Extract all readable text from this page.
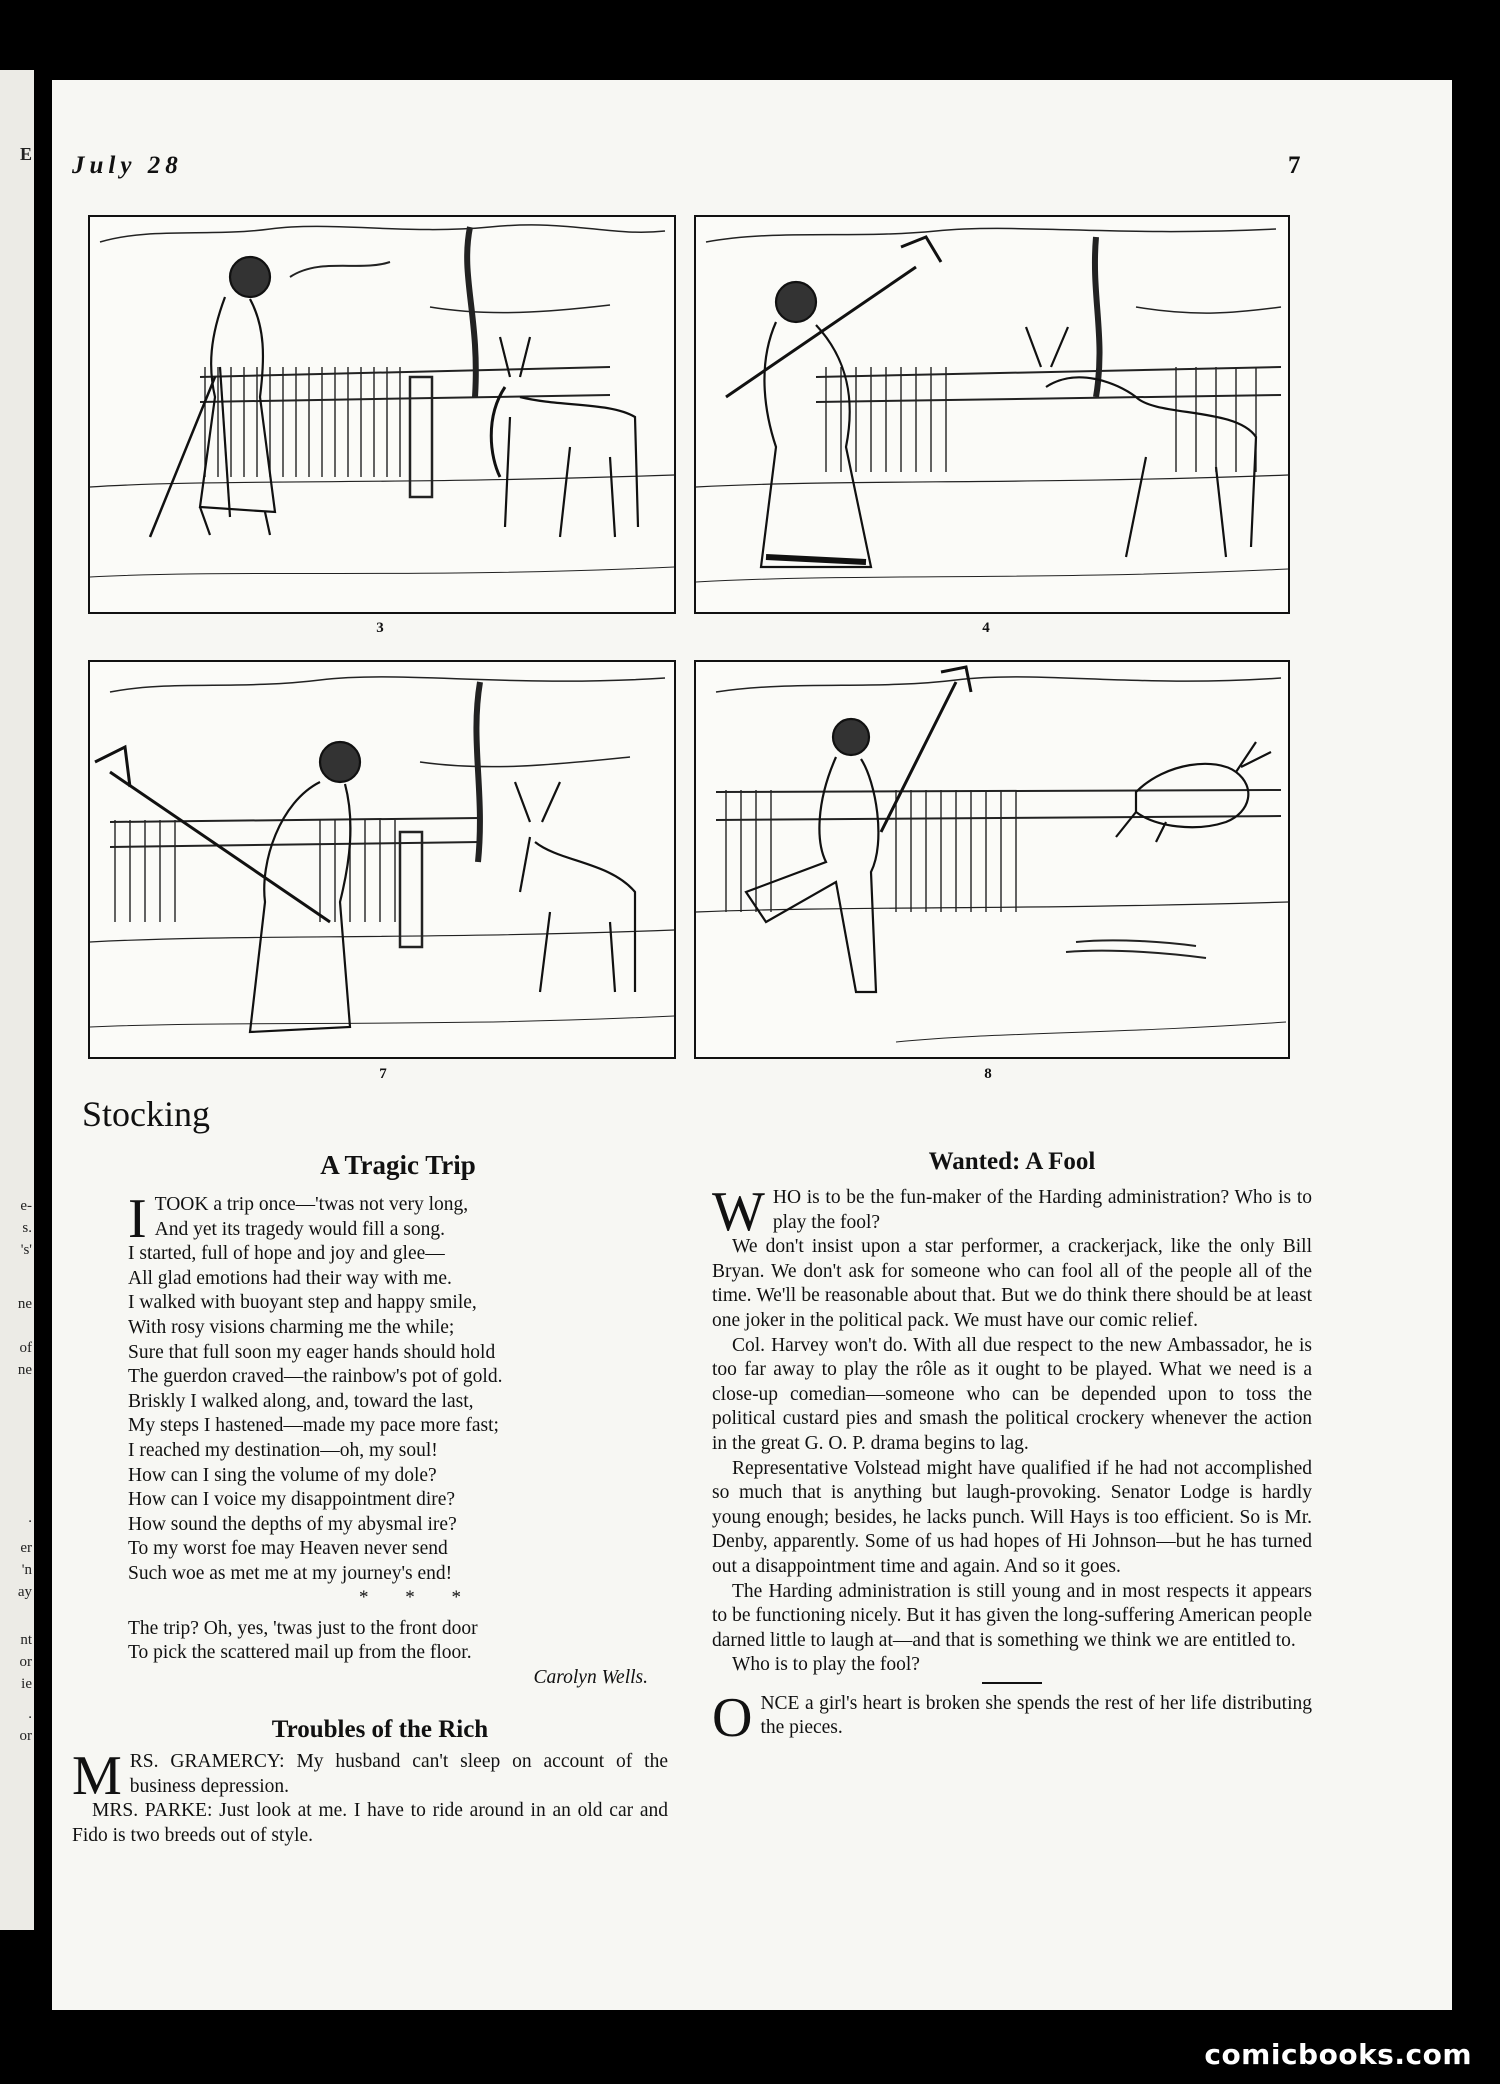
E
e-
s.
's'
ne
of
ne
.
er
'n
ay
nt
or
ie
.
or
July 28	7
3	4
7	8
Stocking
A Tragic Trip
I TOOK a trip once—'twas not very long,
And yet its tragedy would fill a song.
I started, full of hope and joy and glee—
All glad emotions had their way with me.
I walked with buoyant step and happy smile,
With rosy visions charming me the while;
Sure that full soon my eager hands should hold
The guerdon craved—the rainbow's pot of gold.
Briskly I walked along, and, toward the last,
My steps I hastened—made my pace more fast;
I reached my destination—oh, my soul!
How can I sing the volume of my dole?
How can I voice my disappointment dire?
How sound the depths of my abysmal ire?
To my worst foe may Heaven never send
Such woe as met me at my journey's end!
* * *
The trip? Oh, yes, 'twas just to the front door
To pick the scattered mail up from the floor.
Carolyn Wells.
Troubles of the Rich

M RS. GRAMERCY: My husband can't sleep on account of the business depression.

MRS. PARKE: Just look at me. I have to ride around in an old car and Fido is two breeds out of style.

Wanted: A Fool

W HO is to be the fun-maker of the Harding administration? Who is to play the fool?

We don't insist upon a star performer, a crackerjack, like the only Bill Bryan. We don't ask for someone who can fool all of the people all of the time. We'll be reasonable about that. But we do think there should be at least one joker in the political pack. We must have our comic relief.

Col. Harvey won't do. With all due respect to the new Ambassador, he is too far away to play the rôle as it ought to be played. What we need is a close-up comedian—someone who can be depended upon to toss the political custard pies and smash the political crockery whenever the action in the great G. O. P. drama begins to lag.

Representative Volstead might have qualified if he had not accomplished so much that is anything but laugh-provoking. Senator Lodge is hardly young enough; besides, he lacks punch. Will Hays is too efficient. So is Mr. Denby, apparently. Some of us had hopes of Hi Johnson—but he has turned out a disappointment time and again. And so it goes.

The Harding administration is still young and in most respects it appears to be functioning nicely. But it has given the long-suffering American people darned little to laugh at—and that is something we think we are entitled to.

Who is to play the fool?

O NCE a girl's heart is broken she spends the rest of her life distributing the pieces.

comicbooks.com
